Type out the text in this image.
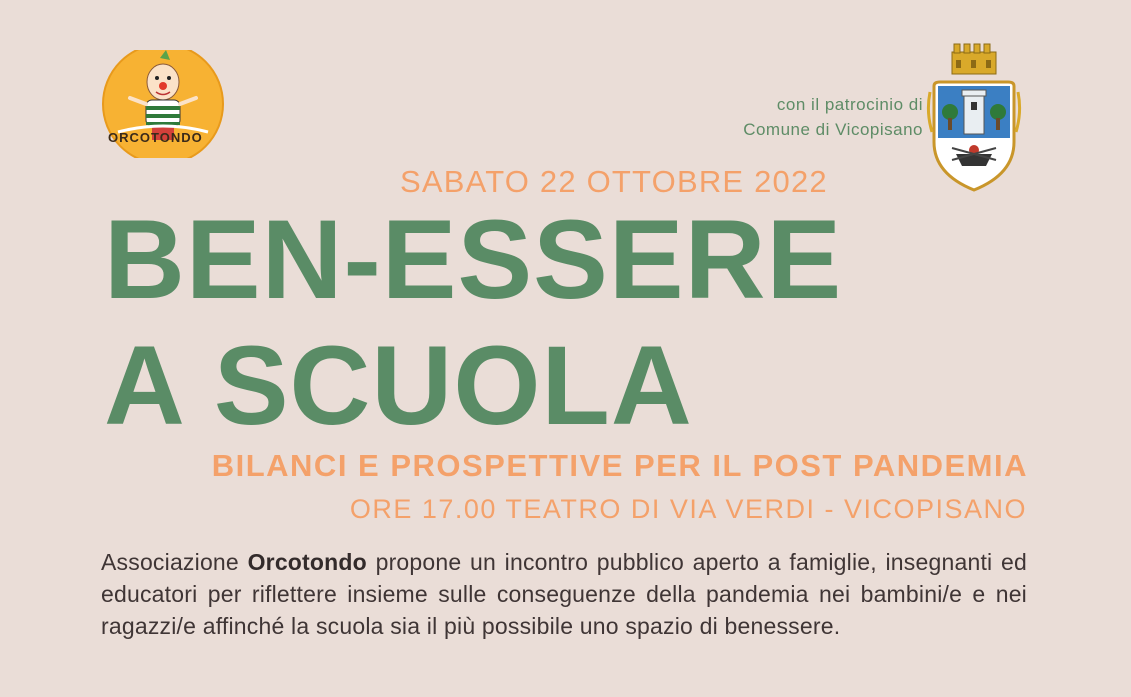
ORCOTONDO
con il patrocinio di
Comune di Vicopisano
SABATO 22 OTTOBRE 2022
BEN-ESSERE
A SCUOLA
BILANCI E PROSPETTIVE PER IL POST PANDEMIA
ORE 17.00 TEATRO DI VIA VERDI - VICOPISANO
Associazione Orcotondo propone un incontro pubblico aperto a famiglie, insegnanti ed educatori per riflettere insieme sulle conseguenze della pandemia nei bambini/e e nei ragazzi/e affinché la scuola sia il più possibile uno spazio di benessere.
